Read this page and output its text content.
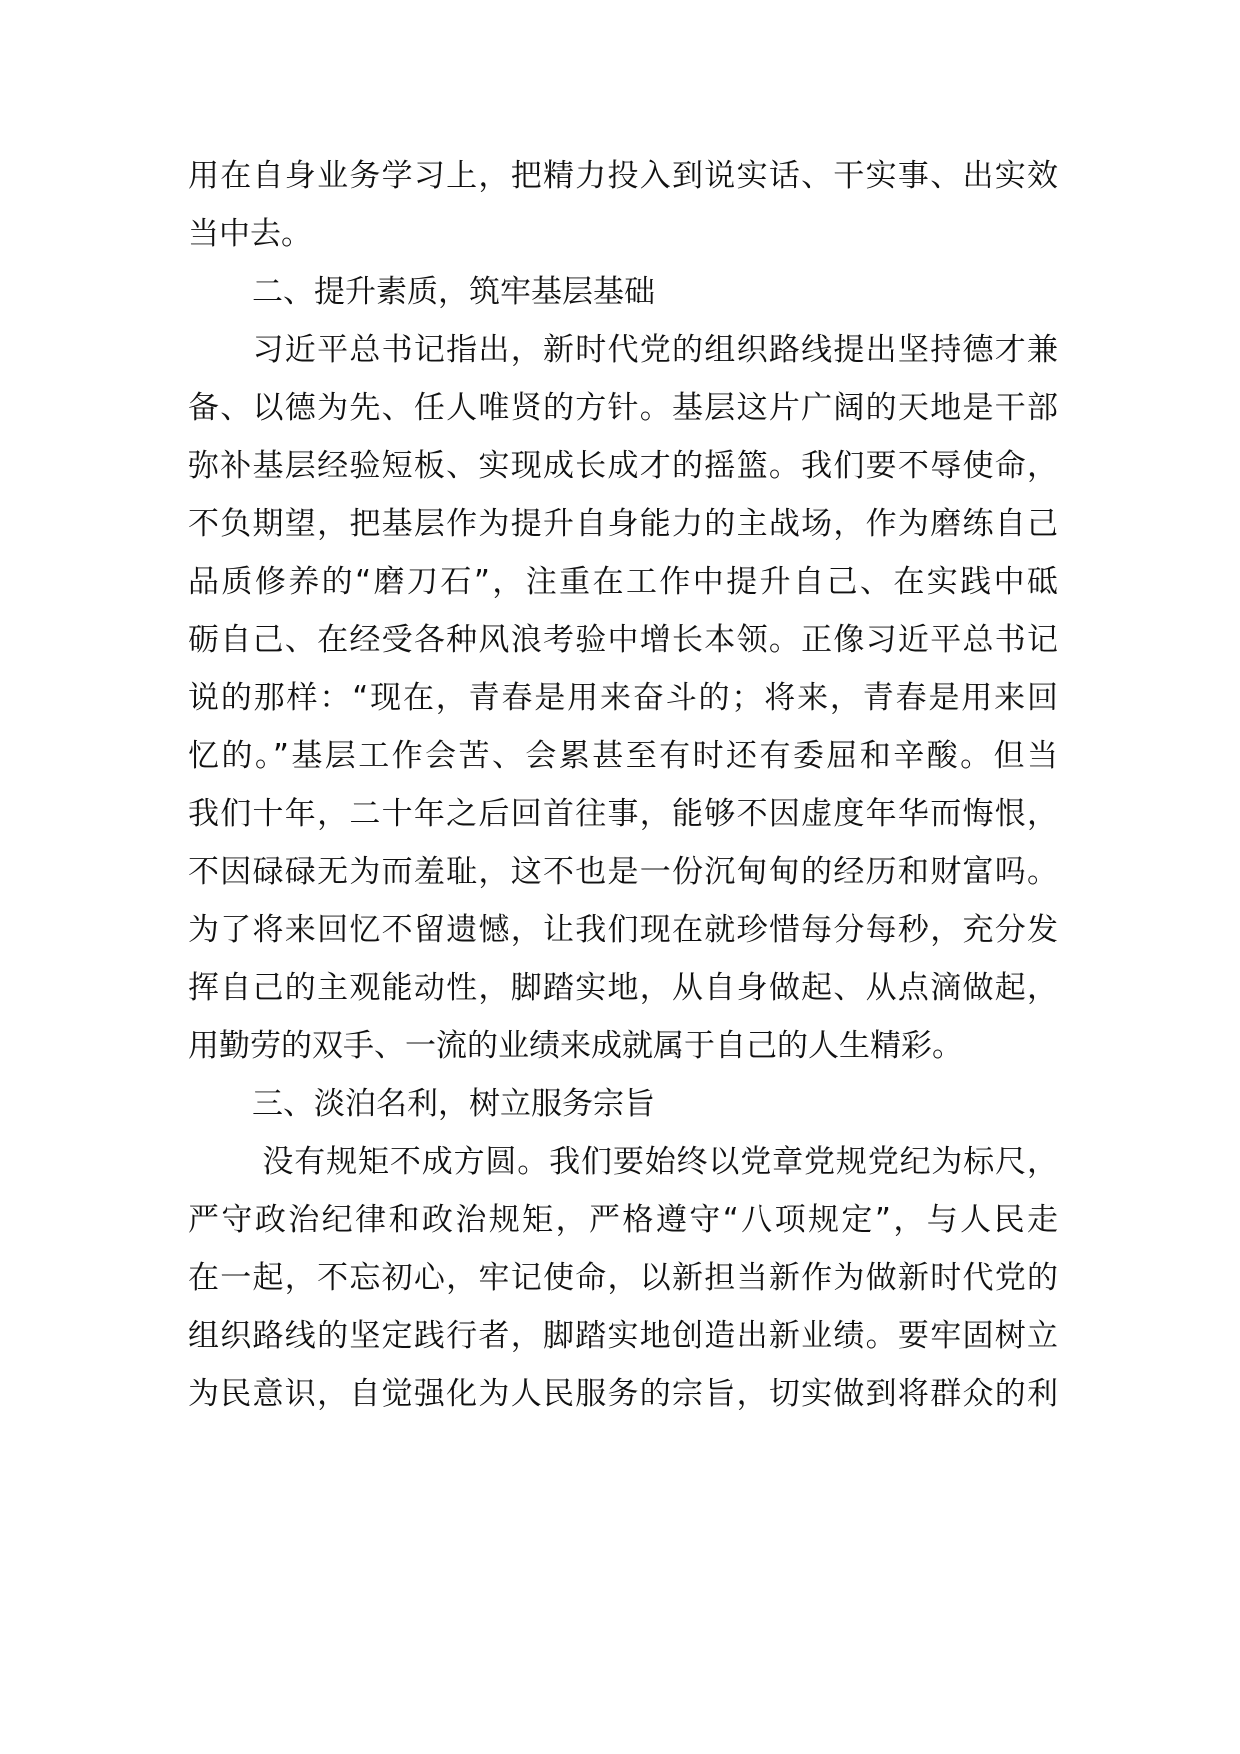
用在自身业务学习上，把精力投入到说实话、干实事、出实效
当中去。
二、提升素质，筑牢基层基础
　　习近平总书记指出，新时代党的组织路线提出坚持德才兼
备、以德为先、任人唯贤的方针。基层这片广阔的天地是干部
弥补基层经验短板、实现成长成才的摇篮。我们要不辱使命，
不负期望，把基层作为提升自身能力的主战场，作为磨练自己
品质修养的“磨刀石”，注重在工作中提升自己、在实践中砥
砺自己、在经受各种风浪考验中增长本领。正像习近平总书记
说的那样：“现在，青春是用来奋斗的；将来，青春是用来回
忆的。”基层工作会苦、会累甚至有时还有委屈和辛酸。但当
我们十年，二十年之后回首往事，能够不因虚度年华而悔恨，
不因碌碌无为而羞耻，这不也是一份沉甸甸的经历和财富吗。
为了将来回忆不留遗憾，让我们现在就珍惜每分每秒，充分发
挥自己的主观能动性，脚踏实地，从自身做起、从点滴做起，
用勤劳的双手、一流的业绩来成就属于自己的人生精彩。
三、淡泊名利，树立服务宗旨
　　 没有规矩不成方圆。我们要始终以党章党规党纪为标尺，
严守政治纪律和政治规矩，严格遵守“八项规定”，与人民走
在一起，不忘初心，牢记使命，以新担当新作为做新时代党的
组织路线的坚定践行者，脚踏实地创造出新业绩。要牢固树立
为民意识，自觉强化为人民服务的宗旨，切实做到将群众的利
